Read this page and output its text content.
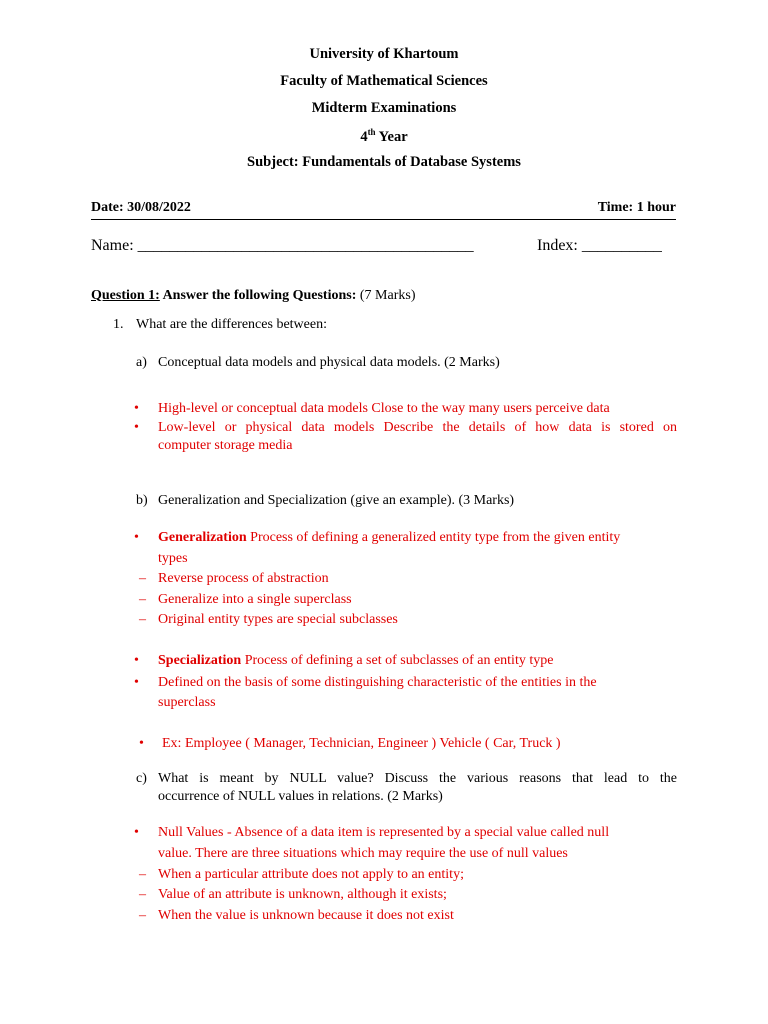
University of Khartoum
Faculty of Mathematical Sciences
Midterm Examinations
4th Year
Subject: Fundamentals of Database Systems
Date: 30/08/2022	Time: 1 hour
Name: __________________________________________	Index: __________
Question 1: Answer the following Questions: (7 Marks)
1. What are the differences between:
a) Conceptual data models and physical data models. (2 Marks)
• High-level or conceptual data models Close to the way many users perceive data
• Low-level or physical data models Describe the details of how data is stored on
computer storage media
b) Generalization and Specialization (give an example). (3 Marks)
• Generalization Process of defining a generalized entity type from the given entity
types
– Reverse process of abstraction
– Generalize into a single superclass
– Original entity types are special subclasses
• Specialization Process of defining a set of subclasses of an entity type
• Defined on the basis of some distinguishing characteristic of the entities in the
superclass
• Ex: Employee ( Manager, Technician, Engineer ) Vehicle ( Car, Truck )
c) What is meant by NULL value? Discuss the various reasons that lead to the
occurrence of NULL values in relations. (2 Marks)
• Null Values - Absence of a data item is represented by a special value called null
value. There are three situations which may require the use of null values
– When a particular attribute does not apply to an entity;
– Value of an attribute is unknown, although it exists;
– When the value is unknown because it does not exist
